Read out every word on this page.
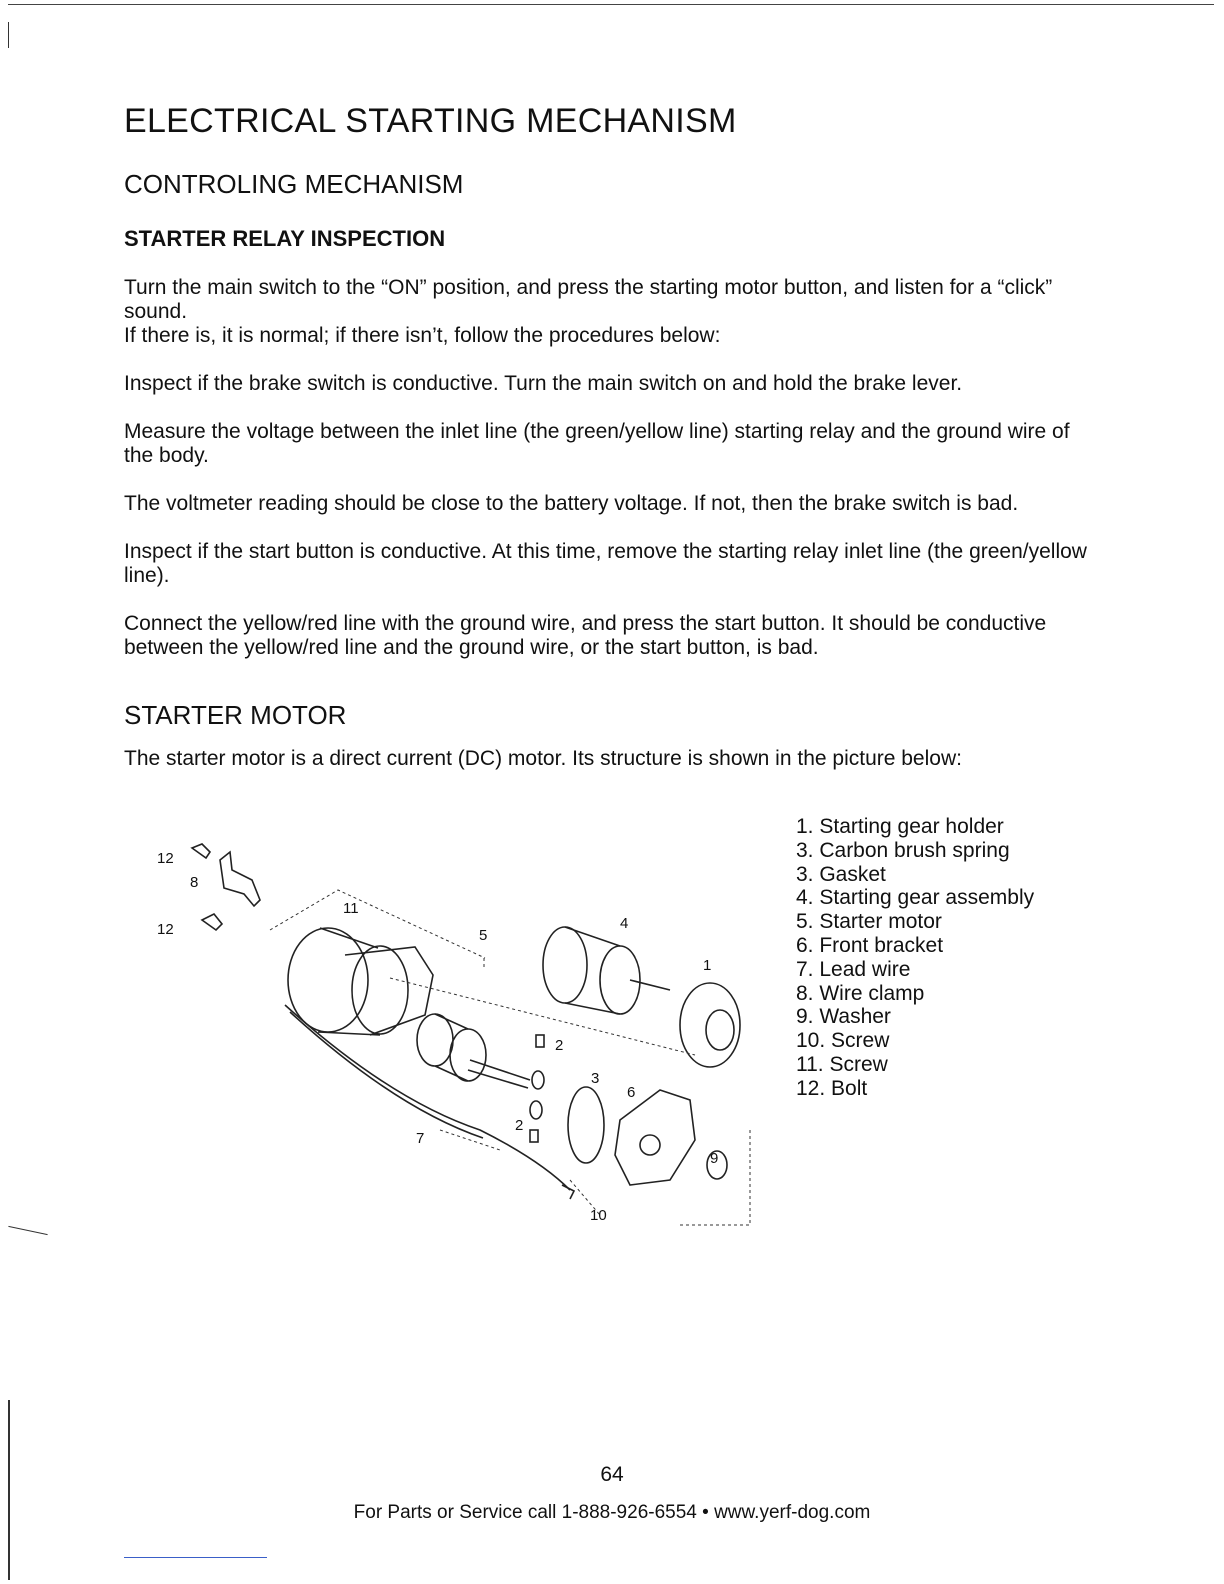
ELECTRICAL STARTING MECHANISM
CONTROLING MECHANISM
STARTER RELAY INSPECTION

Turn the main switch to the “ON” position, and press the starting motor button, and listen for a “click” sound.

If there is, it is normal; if there isn’t, follow the procedures below:

Inspect if the brake switch is conductive. Turn the main switch on and hold the brake lever.

Measure the voltage between the inlet line (the green/yellow line) starting relay and the ground wire of the body.

The voltmeter reading should be close to the battery voltage. If not, then the brake switch is bad.

Inspect if the start button is conductive. At this time, remove the starting relay inlet line (the green/yellow line).

Connect the yellow/red line with the ground wire, and press the start button. It should be conductive between the yellow/red line and the ground wire, or the start button, is bad.

STARTER MOTOR

The starter motor is a direct current (DC) motor. Its structure is shown in the picture below:

12
8
12
11
5
4
1
2
3
6
7
2
9
10
1. Starting gear holder
3. Carbon brush spring
3. Gasket
4. Starting gear assembly
5. Starter motor
6. Front bracket
7. Lead wire
8. Wire clamp
9. Washer
10. Screw
11. Screw
12. Bolt
64
For Parts or Service call 1-888-926-6554 • www.yerf-dog.com
